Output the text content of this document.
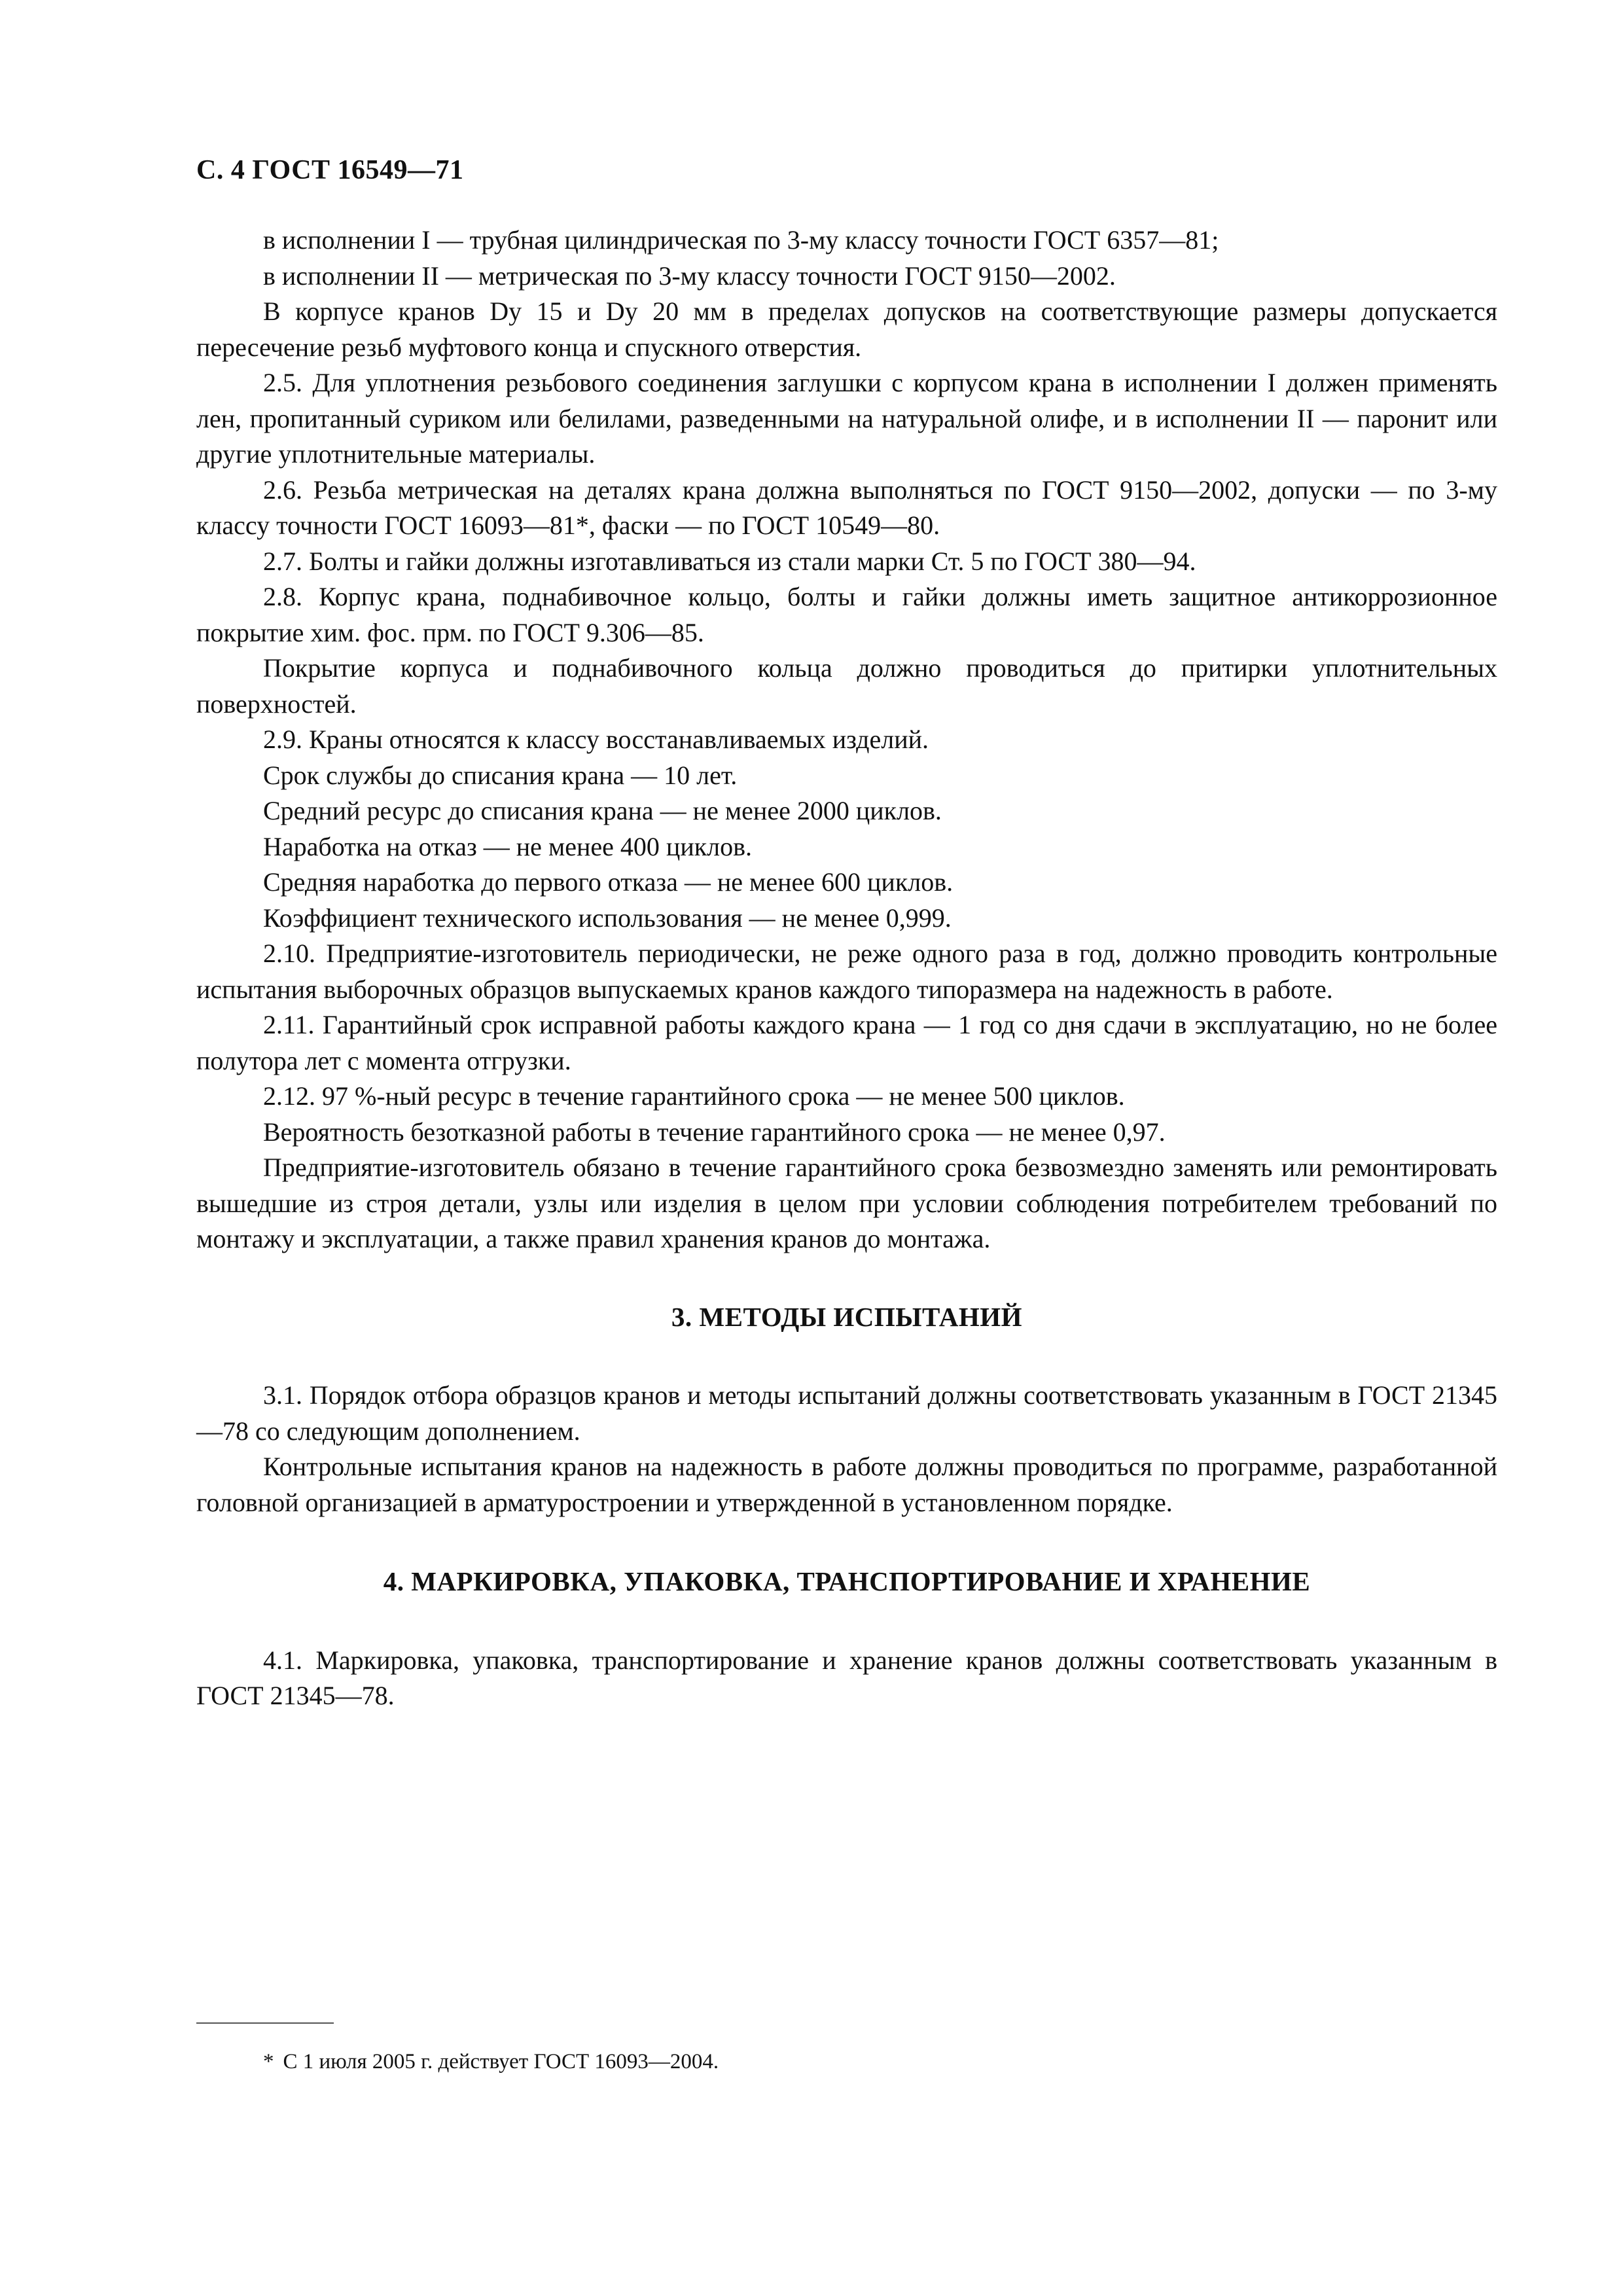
С. 4 ГОСТ 16549—71

в исполнении I — трубная цилиндрическая по 3-му классу точности ГОСТ 6357—81;

в исполнении II — метрическая по 3-му классу точности ГОСТ 9150—2002.

В корпусе кранов Dу 15 и Dу 20 мм в пределах допусков на соответствующие размеры допускается пересечение резьб муфтового конца и спускного отверстия.

2.5. Для уплотнения резьбового соединения заглушки с корпусом крана в исполнении I должен применять лен, пропитанный суриком или белилами, разведенными на натуральной олифе, и в исполнении II — паронит или другие уплотнительные материалы.

2.6. Резьба метрическая на деталях крана должна выполняться по ГОСТ 9150—2002, допуски — по 3-му классу точности ГОСТ 16093—81*, фаски — по ГОСТ 10549—80.

2.7. Болты и гайки должны изготавливаться из стали марки Ст. 5 по ГОСТ 380—94.

2.8. Корпус крана, поднабивочное кольцо, болты и гайки должны иметь защитное антикоррозионное покрытие хим. фос. прм. по ГОСТ 9.306—85.

Покрытие корпуса и поднабивочного кольца должно проводиться до притирки уплотнительных поверхностей.

2.9. Краны относятся к классу восстанавливаемых изделий.

Срок службы до списания крана — 10 лет.

Средний ресурс до списания крана — не менее 2000 циклов.

Наработка на отказ — не менее 400 циклов.

Средняя наработка до первого отказа — не менее 600 циклов.

Коэффициент технического использования — не менее 0,999.

2.10. Предприятие-изготовитель периодически, не реже одного раза в год, должно проводить контрольные испытания выборочных образцов выпускаемых кранов каждого типоразмера на надежность в работе.

2.11. Гарантийный срок исправной работы каждого крана — 1 год со дня сдачи в эксплуатацию, но не более полутора лет с момента отгрузки.

2.12. 97 %-ный ресурс в течение гарантийного срока — не менее 500 циклов.

Вероятность безотказной работы в течение гарантийного срока — не менее 0,97.

Предприятие-изготовитель обязано в течение гарантийного срока безвозмездно заменять или ремонтировать вышедшие из строя детали, узлы или изделия в целом при условии соблюдения потребителем требований по монтажу и эксплуатации, а также правил хранения кранов до монтажа.

3. МЕТОДЫ ИСПЫТАНИЙ

3.1. Порядок отбора образцов кранов и методы испытаний должны соответствовать указанным в ГОСТ 21345—78 со следующим дополнением.

Контрольные испытания кранов на надежность в работе должны проводиться по программе, разработанной головной организацией в арматуростроении и утвержденной в установленном порядке.

4. МАРКИРОВКА, УПАКОВКА, ТРАНСПОРТИРОВАНИЕ И ХРАНЕНИЕ

4.1. Маркировка, упаковка, транспортирование и хранение кранов должны соответствовать указанным в ГОСТ 21345—78.

* С 1 июля 2005 г. действует ГОСТ 16093—2004.
